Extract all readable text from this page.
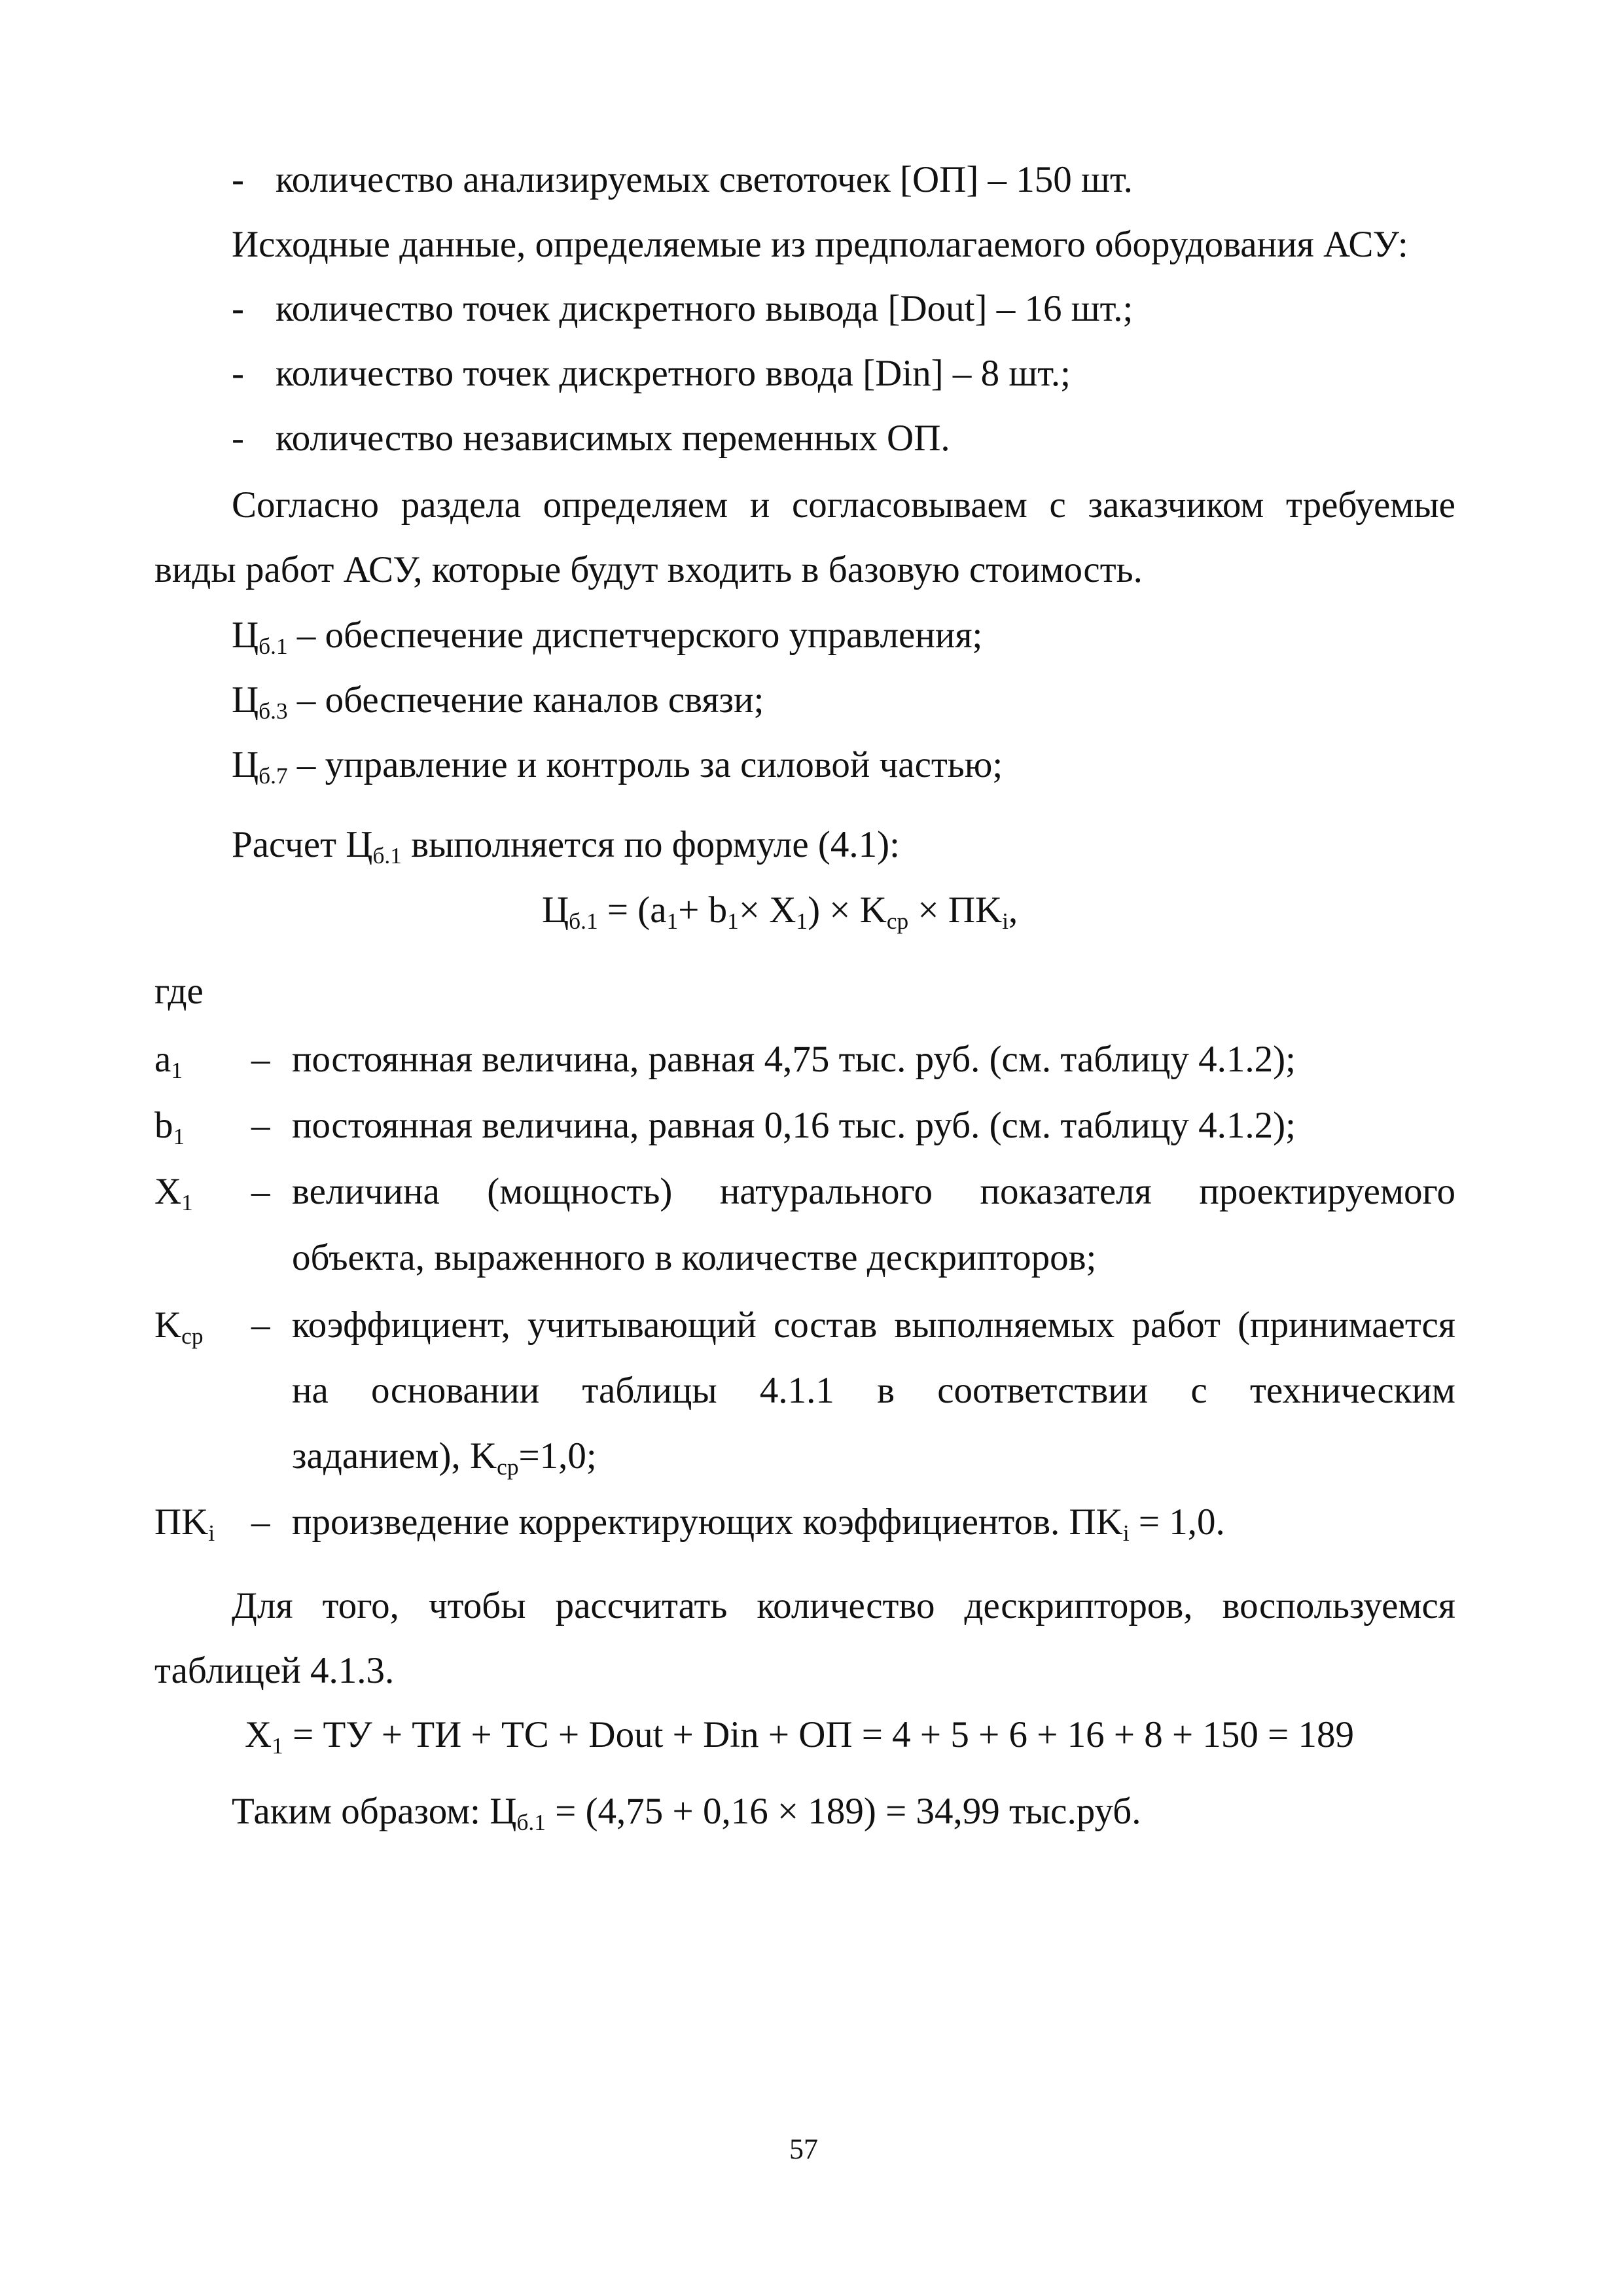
- количество анализируемых светоточек [ОП] – 150 шт.
Исходные данные, определяемые из предполагаемого оборудования АСУ:
- количество точек дискретного вывода [Dout] – 16 шт.;
- количество точек дискретного ввода [Din] – 8 шт.;
- количество независимых переменных ОП.
Согласно раздела определяем и согласовываем с заказчиком требуемые
виды работ АСУ, которые будут входить в базовую стоимость.
Цб.1 – обеспечение диспетчерского управления;
Цб.3 – обеспечение каналов связи;
Цб.7 – управление и контроль за силовой частью;
Расчет Цб.1 выполняется по формуле (4.1):
Цб.1 = (a1+ b1× X1) × Kср × ПKi,
где
a1 – постоянная величина, равная 4,75 тыс. руб. (см. таблицу 4.1.2);
b1 – постоянная величина, равная 0,16 тыс. руб. (см. таблицу 4.1.2);
X1 – величина (мощность) натурального показателя проектируемого
объекта, выраженного в количестве дескрипторов;
Kср – коэффициент, учитывающий состав выполняемых работ (принимается
на основании таблицы 4.1.1 в соответствии с техническим
заданием), Kср=1,0;
ПKi – произведение корректирующих коэффициентов. ПKi = 1,0.
Для того, чтобы рассчитать количество дескрипторов, воспользуемся
таблицей 4.1.3.
X1 = ТУ + ТИ + ТС + Dout + Din + ОП = 4 + 5 + 6 + 16 + 8 + 150 = 189
Таким образом: Цб.1 = (4,75 + 0,16 × 189) = 34,99 тыс.руб.
57
